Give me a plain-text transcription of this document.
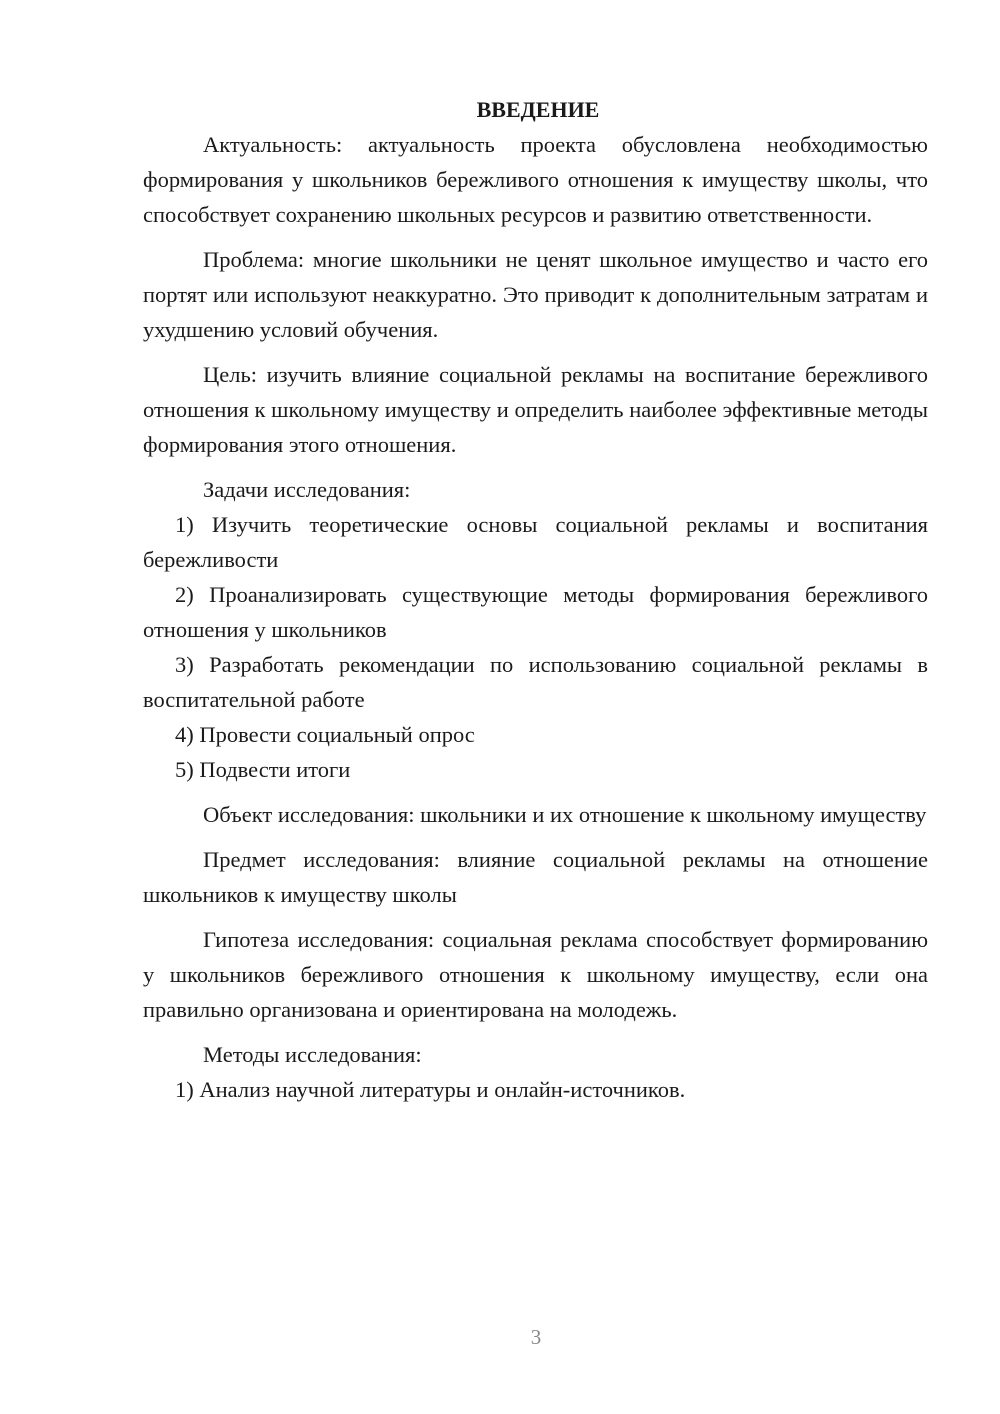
ВВЕДЕНИЕ

Актуальность: актуальность проекта обусловлена необходимостью формирования у школьников бережливого отношения к имуществу школы, что способствует сохранению школьных ресурсов и развитию ответственности.

Проблема: многие школьники не ценят школьное имущество и часто его портят или используют неаккуратно. Это приводит к дополнительным затратам и ухудшению условий обучения.

Цель: изучить влияние социальной рекламы на воспитание бережливого отношения к школьному имуществу и определить наиболее эффективные методы формирования этого отношения.

Задачи исследования:

1) Изучить теоретические основы социальной рекламы и воспитания бережливости

2) Проанализировать существующие методы формирования бережливого отношения у школьников

3) Разработать рекомендации по использованию социальной рекламы в воспитательной работе

4) Провести социальный опрос

5) Подвести итоги

Объект исследования: школьники и их отношение к школьному имуществу

Предмет исследования: влияние социальной рекламы на отношение школьников к имуществу школы

Гипотеза исследования: социальная реклама способствует формированию у школьников бережливого отношения к школьному имуществу, если она правильно организована и ориентирована на молодежь.

Методы исследования:

1) Анализ научной литературы и онлайн-источников.

3
